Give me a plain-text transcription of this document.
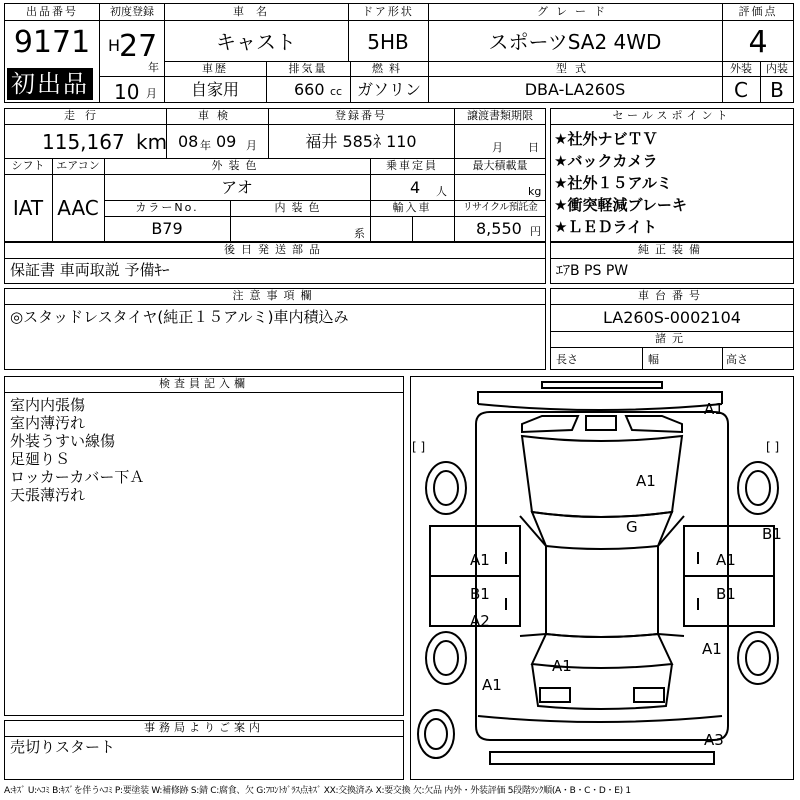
出品番号
9171
初出品
初度登録
H
27
年
10 月
車名
キャスト
ドア形状
5HB
グレード
スポーツSA2 4WD
評価点
4
車歴
自家用
排気量
660 cc
燃料
ガソリン
型式
DBA-LA260S
外装
C
内装
B
走行
115,167 km
車検
08 年 09 月
登録番号
福井 585ﾈ 110
譲渡書類期限
月 日
シフト
IAT
エアコン
AAC
外装色
アオ
乗車定員
4 人
最大積載量
kg
カラーNo.
B79
内装色
系
輸入車	リサイクル預託金
8,550 円
セールスポイント
★社外ナビＴＶ
★バックカメラ
★社外１５アルミ
★衝突軽減ブレーキ
★ＬＥＤライト
後日発送部品
保証書 車両取説 予備ｷｰ
純正装備
ｴｱB PS PW
注意事項欄
◎スタッドレスタイヤ(純正１５アルミ)車内積込み
車台番号
LA260S-0002104
諸元
長さ	幅	高さ
検査員記入欄
室内内張傷
室内薄汚れ
外装うすい線傷
足廻りＳ
ロッカーカバー下Ａ
天張薄汚れ
事務局よりご案内
売切りスタート
A1
A1
G
A1
B1
A2
A1
B1
A1
B1
A1
A1
A3
[ ]	[ ]
A:ｷｽﾞ U:ﾍｺﾐ B:ｷｽﾞを伴うﾍｺﾐ P:要塗装 W:補修跡 S:錆 C:腐食、欠 G:ﾌﾛﾝﾄｶﾞﾗｽ点ｷｽﾞ XX:交換済み X:要交換 欠:欠品 内外・外装評価 5段階ﾗﾝｸ順(A・B・C・D・E) 1
